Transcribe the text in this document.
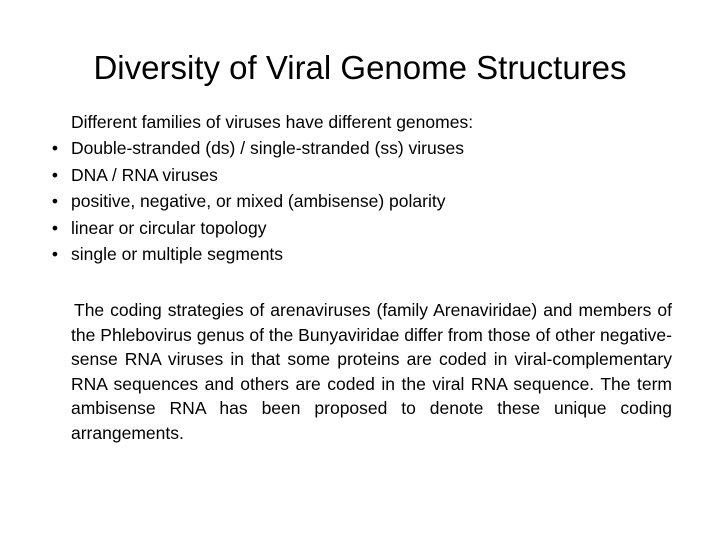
Diversity of Viral Genome Structures
Different families of viruses have different genomes:
• Double-stranded (ds) / single-stranded (ss) viruses
• DNA / RNA viruses
• positive, negative, or mixed (ambisense) polarity
• linear or circular topology
• single or multiple segments

The coding strategies of arenaviruses (family Arenaviridae) and members of the Phlebovirus genus of the Bunyaviridae differ from those of other negative-sense RNA viruses in that some proteins are coded in viral-complementary RNA sequences and others are coded in the viral RNA sequence. The term ambisense RNA has been proposed to denote these unique coding arrangements.
